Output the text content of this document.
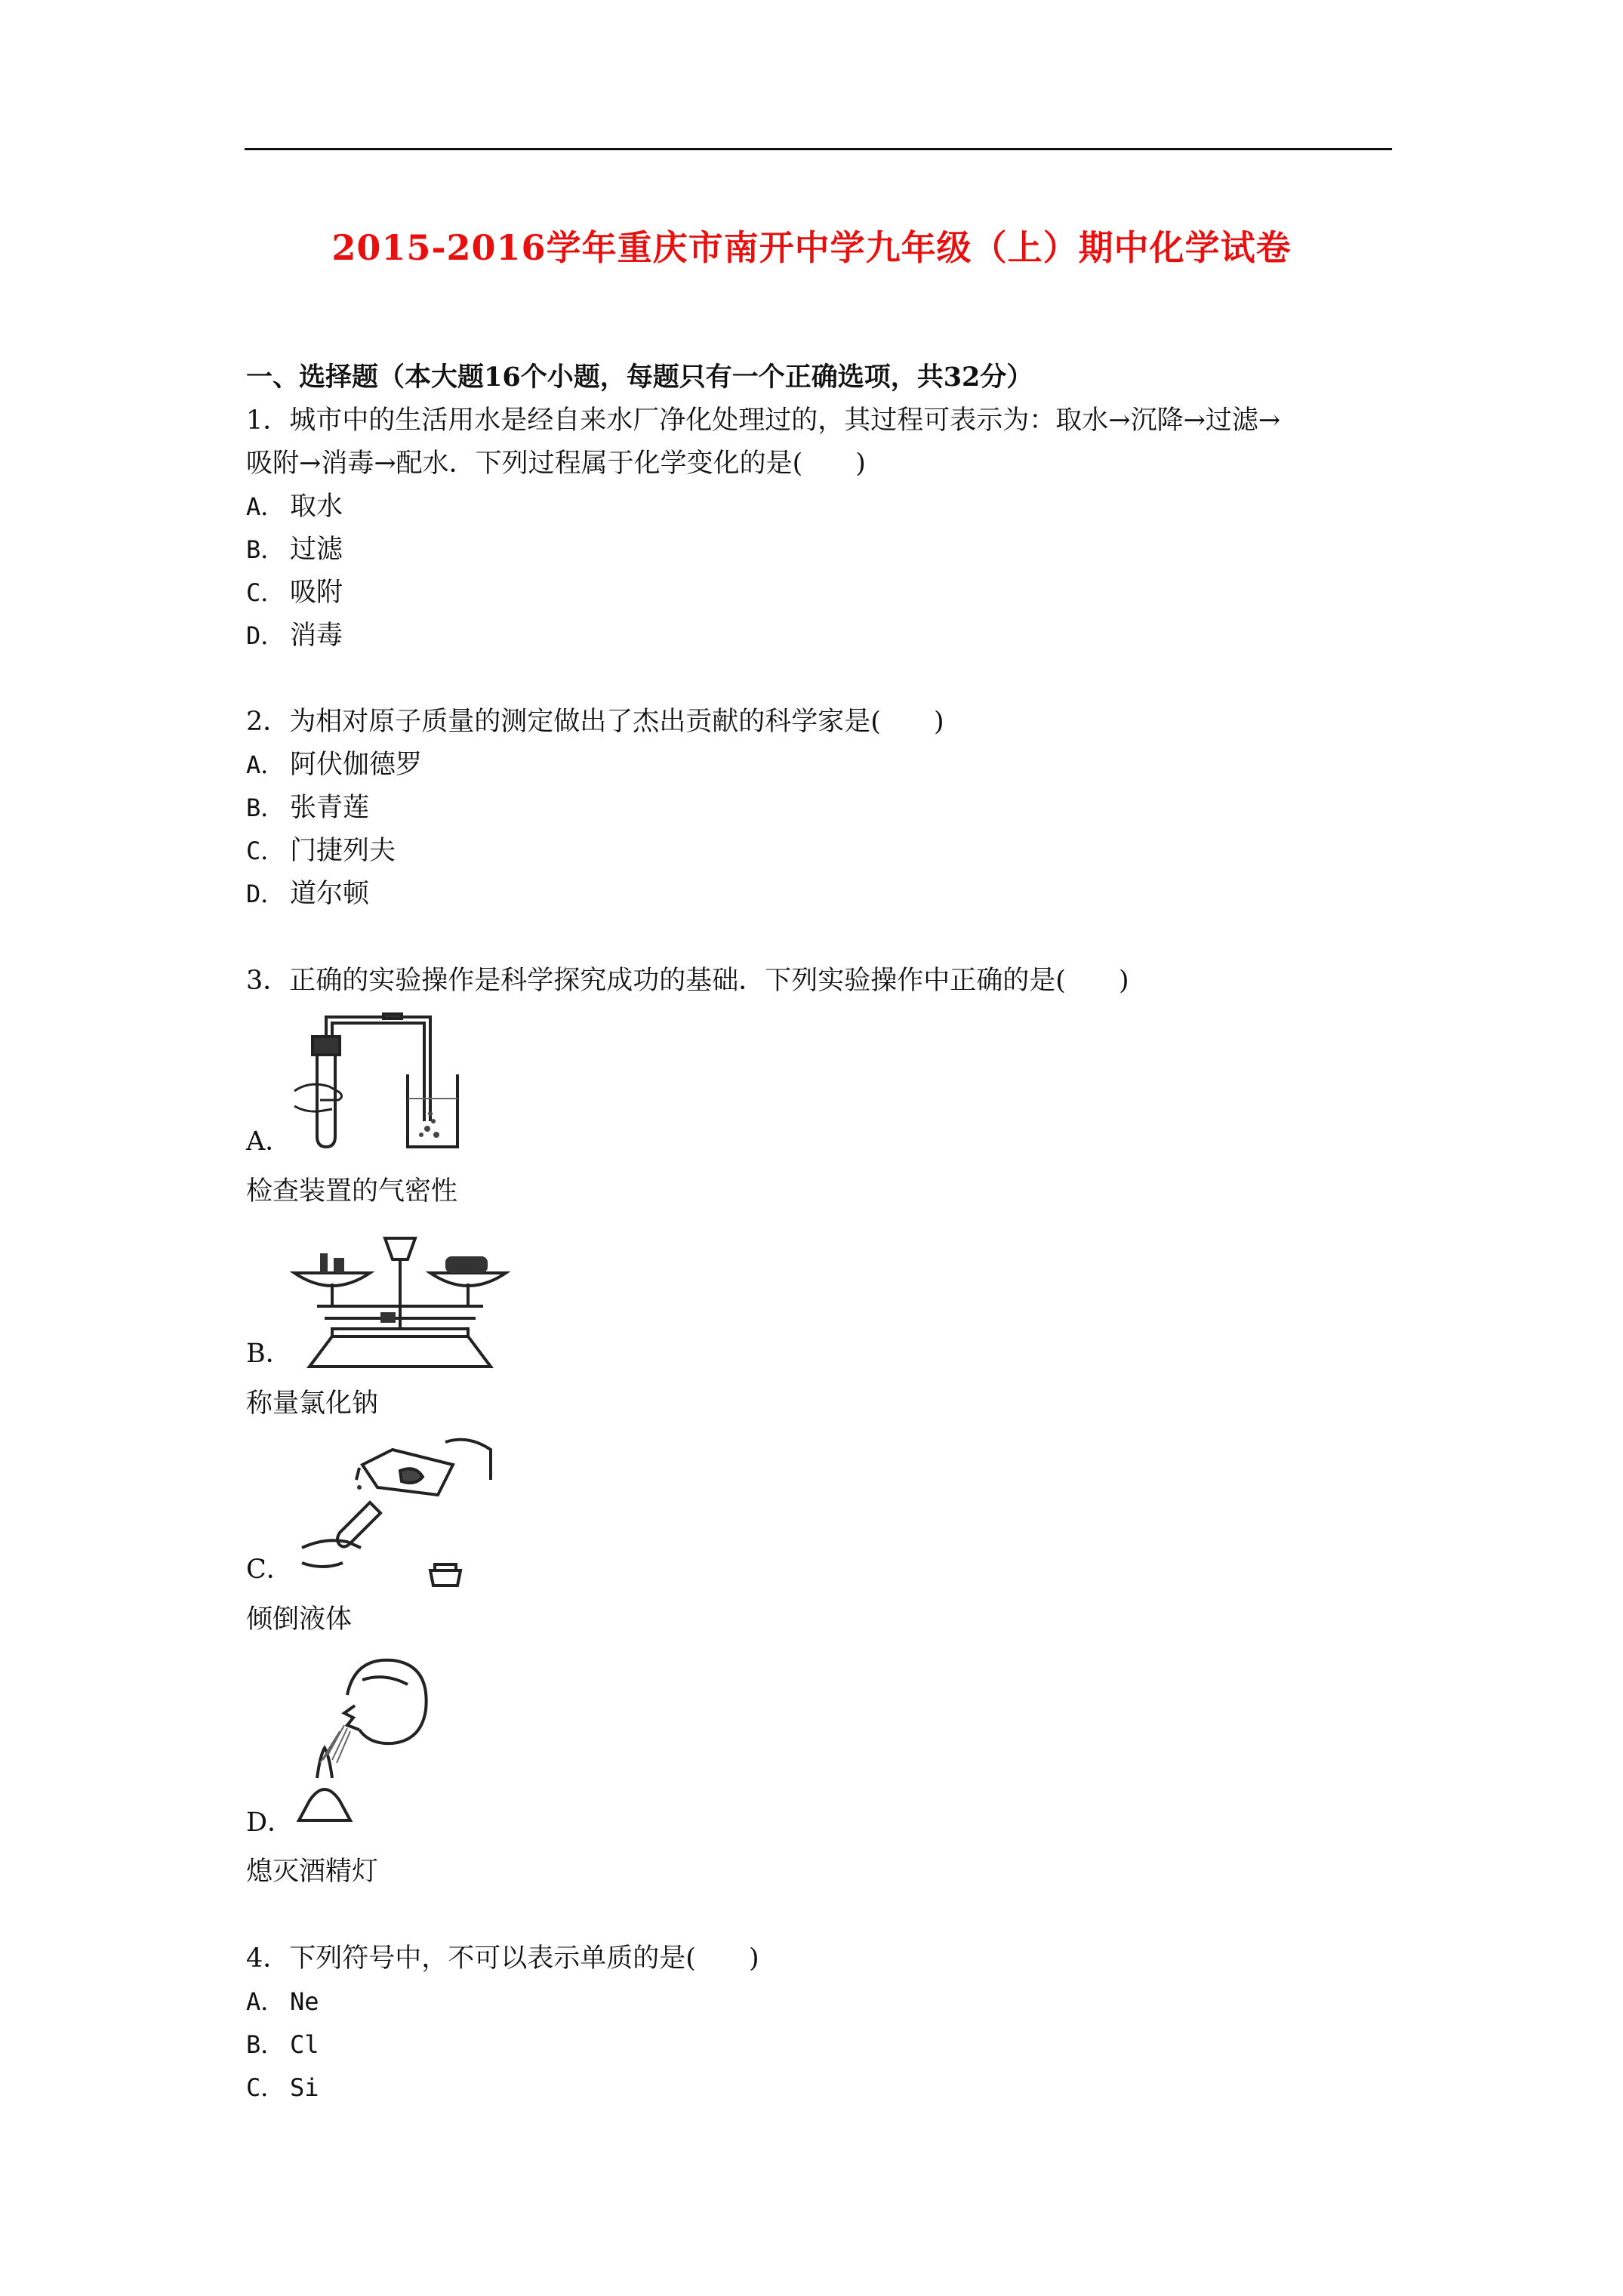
2015-2016学年重庆市南开中学九年级（上）期中化学试卷
一、选择题（本大题16个小题，每题只有一个正确选项，共32分）
1．城市中的生活用水是经自来水厂净化处理过的，其过程可表示为：取水→沉降→过滤→
吸附→消毒→配水．下列过程属于化学变化的是(　　)
A． 取水
B． 过滤
C． 吸附
D． 消毒
2．为相对原子质量的测定做出了杰出贡献的科学家是(　　)
A． 阿伏伽德罗
B． 张青莲
C． 门捷列夫
D． 道尔顿
3．正确的实验操作是科学探究成功的基础．下列实验操作中正确的是(　　)
A．
检查装置的气密性
B．
称量氯化钠
C．
倾倒液体
D．
熄灭酒精灯
4．下列符号中，不可以表示单质的是(　　)
A． Ne
B． Cl
C． Si
